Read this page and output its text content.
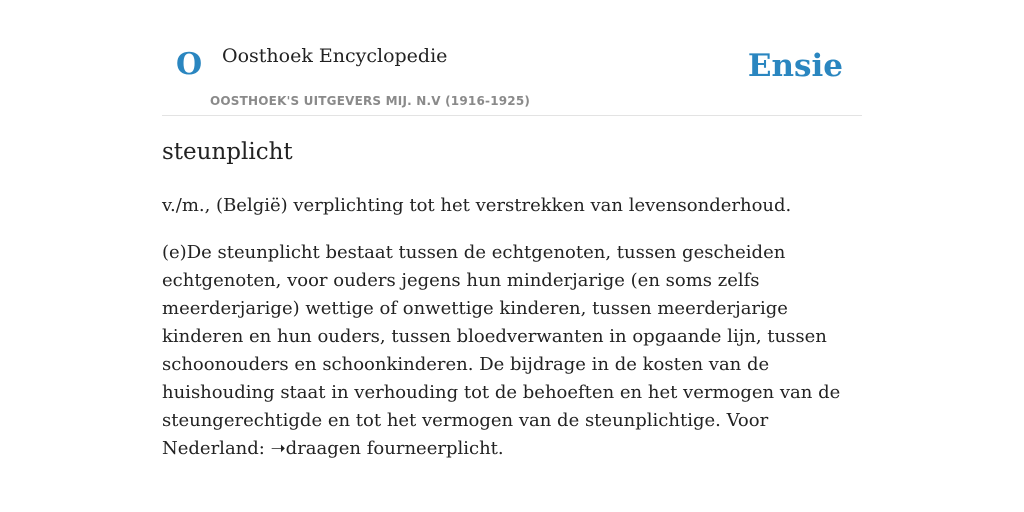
O Oosthoek Encyclopedie
OOSTHOEK'S UITGEVERS MIJ. N.V (1916-1925)
Ensie
steunplicht

v./m., (België) verplichting tot het verstrekken van levensonderhoud.

(e)De steunplicht bestaat tussen de echtgenoten, tussen gescheiden echtgenoten, voor ouders jegens hun minderjarige (en soms zelfs meerderjarige) wettige of onwettige kinderen, tussen meerderjarige kinderen en hun ouders, tussen bloedverwanten in opgaande lijn, tussen schoonouders en schoonkinderen. De bijdrage in de kosten van de huishouding staat in verhouding tot de behoeften en het vermogen van de steungerechtigde en tot het vermogen van de steunplichtige. Voor Nederland: ➝draagen fourneerplicht.
